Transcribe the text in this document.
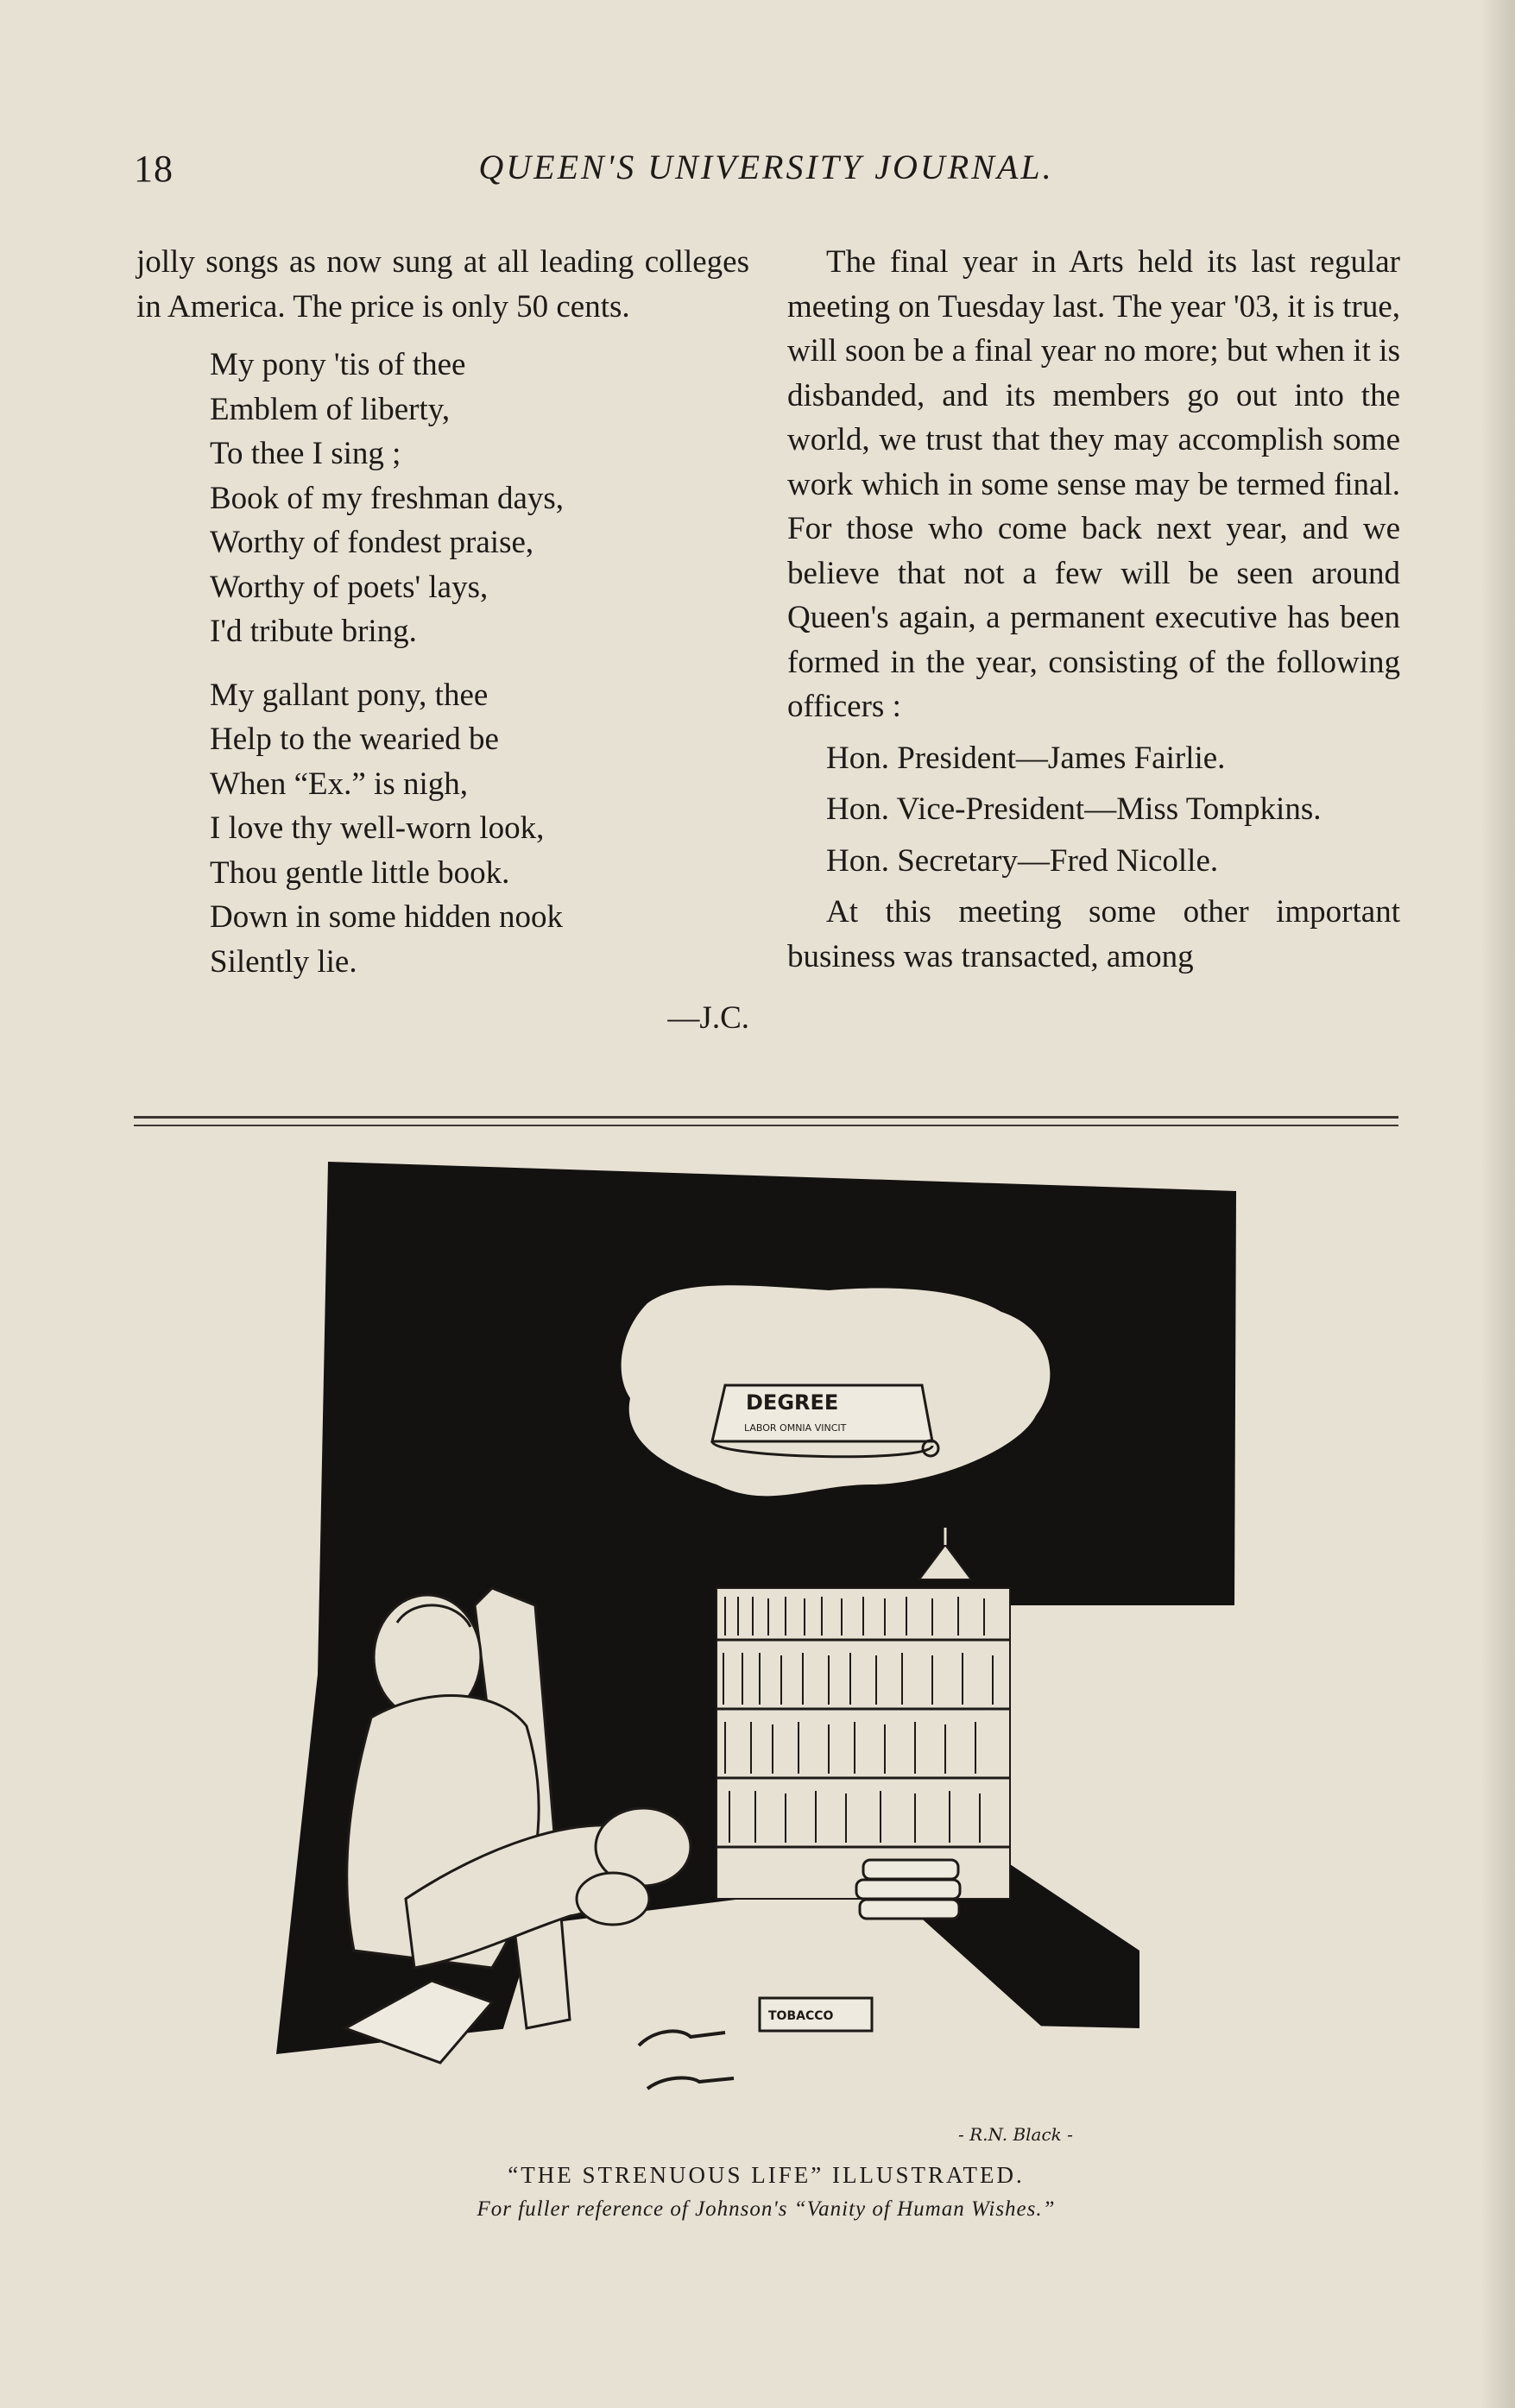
18	QUEEN'S UNIVERSITY JOURNAL.

jolly songs as now sung at all leading colleges in America. The price is only 50 cents.

My pony 'tis of thee
Emblem of liberty,
To thee I sing ;
Book of my freshman days,
Worthy of fondest praise,
Worthy of poets' lays,
I'd tribute bring.
My gallant pony, thee
Help to the wearied be
When “Ex.” is nigh,
I love thy well-worn look,
Thou gentle little book.
Down in some hidden nook
Silently lie.
—J.C.

The final year in Arts held its last regular meeting on Tuesday last. The year '03, it is true, will soon be a final year no more; but when it is disbanded, and its members go out into the world, we trust that they may accomplish some work which in some sense may be termed final. For those who come back next year, and we believe that not a few will be seen around Queen's again, a permanent executive has been formed in the year, consisting of the following officers :

Hon. President—James Fairlie.

Hon. Vice-President—Miss Tompkins.

Hon. Secretary—Fred Nicolle.

At this meeting some other important business was transacted, among

DEGREE
LABOR OMNIA VINCIT
TOBACCO
- R.N. Black -
“THE STRENUOUS LIFE” ILLUSTRATED.
For fuller reference of Johnson's “Vanity of Human Wishes.”
